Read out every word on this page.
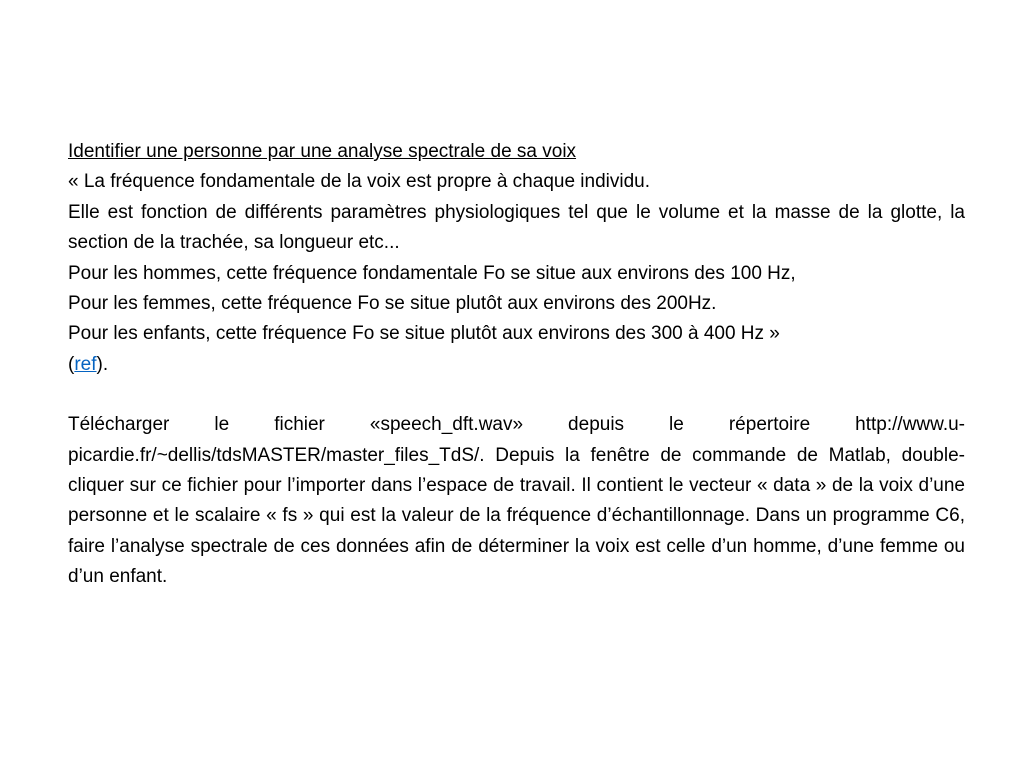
Identifier une personne par une analyse spectrale de sa voix

« La fréquence fondamentale de la voix est propre à chaque individu.

Elle est fonction de différents paramètres physiologiques tel que le volume et la masse de la glotte, la section de la trachée, sa longueur etc...

Pour les hommes, cette fréquence fondamentale Fo se situe aux environs des 100 Hz,

Pour les femmes, cette fréquence Fo se situe plutôt aux environs des 200Hz.

Pour les enfants, cette fréquence Fo se situe plutôt aux environs des 300 à 400 Hz »
(ref).

Télécharger le fichier «speech_dft.wav» depuis le répertoire http://www.u-picardie.fr/~dellis/tdsMASTER/master_files_TdS/. Depuis la fenêtre de commande de Matlab, double-cliquer sur ce fichier pour l’importer dans l’espace de travail. Il contient le vecteur « data » de la voix d’une personne et le scalaire « fs » qui est la valeur de la fréquence d’échantillonnage. Dans un programme C6, faire l’analyse spectrale de ces données afin de déterminer la voix est celle d’un homme, d’une femme ou d’un enfant.
